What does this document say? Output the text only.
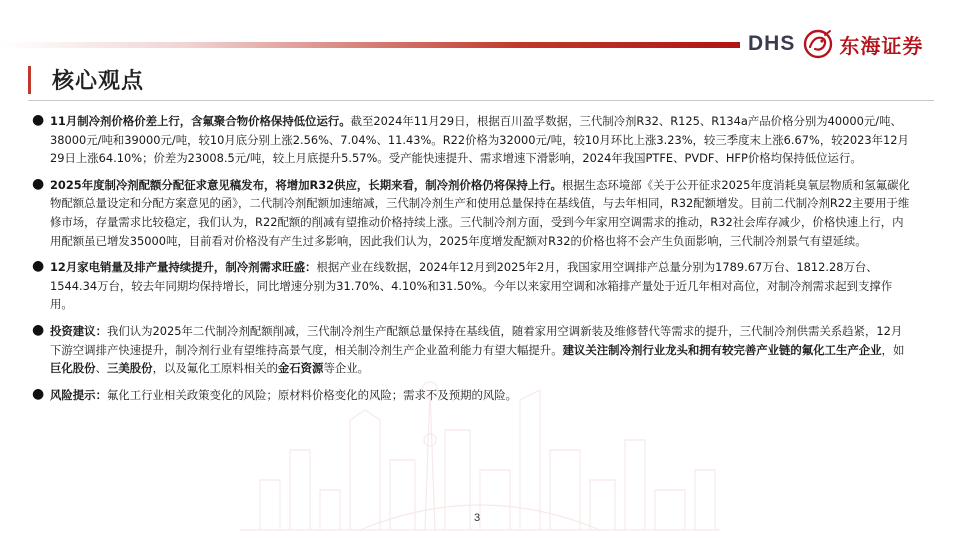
DHS 东海证券
核心观点
● 11月制冷剂价格价差上行，含氟聚合物价格保持低位运行。截至2024年11月29日，根据百川盈孚数据，三代制冷剂R32、R125、R134a产品价格分别为40000元/吨、38000元/吨和39000元/吨，较10月底分别上涨2.56%、7.04%、11.43%。R22价格为32000元/吨，较10月环比上涨3.23%，较三季度末上涨6.67%，较2023年12月29日上涨64.10%；价差为23008.5元/吨，较上月底提升5.57%。受产能快速提升、需求增速下滑影响，2024年我国PTFE、PVDF、HFP价格均保持低位运行。
● 2025年度制冷剂配额分配征求意见稿发布，将增加R32供应，长期来看，制冷剂价格仍将保持上行。根据生态环境部《关于公开征求2025年度消耗臭氧层物质和氢氟碳化物配额总量设定和分配方案意见的函》，二代制冷剂配额加速缩减，三代制冷剂生产和使用总量保持在基线值，与去年相同，R32配额增发。目前二代制冷剂R22主要用于维修市场，存量需求比较稳定，我们认为，R22配额的削减有望推动价格持续上涨。三代制冷剂方面，受到今年家用空调需求的推动，R32社会库存减少，价格快速上行，内用配额虽已增发35000吨，目前看对价格没有产生过多影响，因此我们认为，2025年度增发配额对R32的价格也将不会产生负面影响，三代制冷剂景气有望延续。
● 12月家电销量及排产量持续提升，制冷剂需求旺盛：根据产业在线数据，2024年12月到2025年2月，我国家用空调排产总量分别为1789.67万台、1812.28万台、1544.34万台，较去年同期均保持增长，同比增速分别为31.70%、4.10%和31.50%。今年以来家用空调和冰箱排产量处于近几年相对高位，对制冷剂需求起到支撑作用。
● 投资建议：我们认为2025年二代制冷剂配额削减，三代制冷剂生产配额总量保持在基线值，随着家用空调新装及维修替代等需求的提升，三代制冷剂供需关系趋紧，12月下游空调排产快速提升，制冷剂行业有望维持高景气度，相关制冷剂生产企业盈利能力有望大幅提升。建议关注制冷剂行业龙头和拥有较完善产业链的氟化工生产企业，如巨化股份、三美股份，以及氟化工原料相关的金石资源等企业。
● 风险提示：氟化工行业相关政策变化的风险；原材料价格变化的风险；需求不及预期的风险。
3
